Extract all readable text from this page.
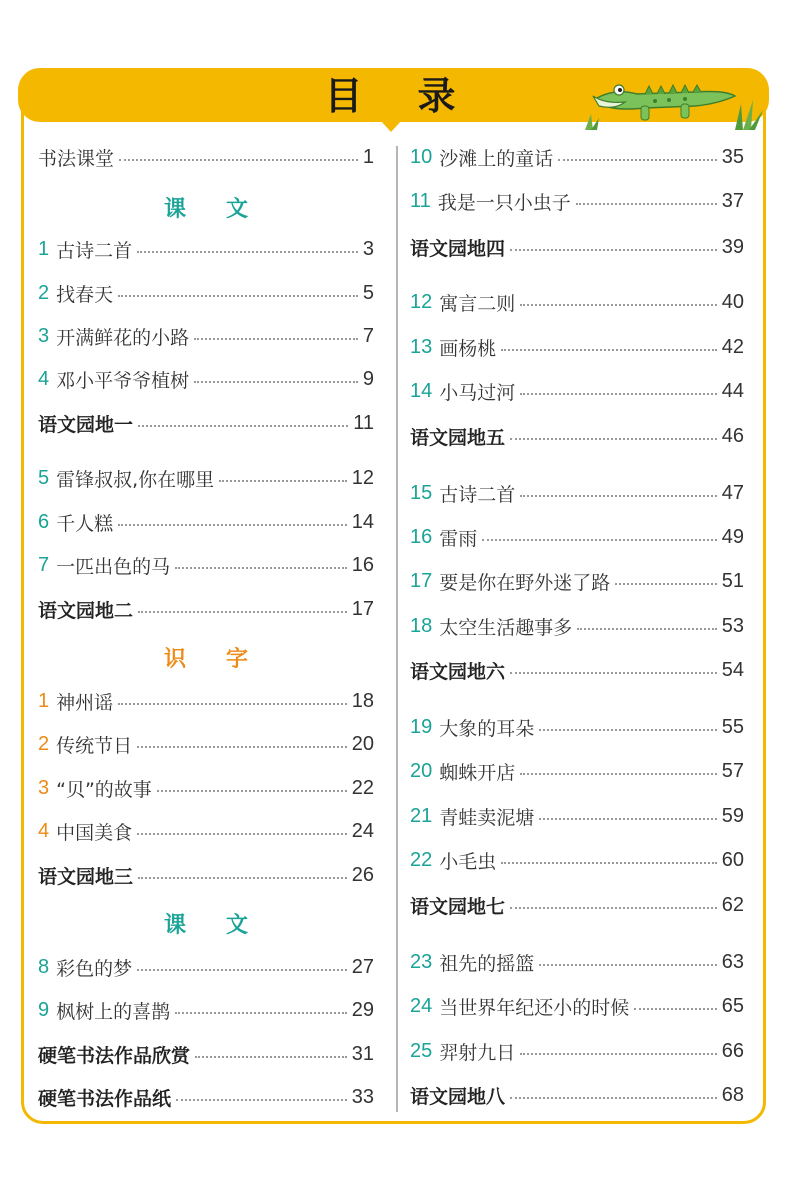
目录
书法课堂	1
课文
1 古诗二首	3
2 找春天	5
3 开满鲜花的小路	7
4 邓小平爷爷植树	9
语文园地一	11
5 雷锋叔叔,你在哪里	12
6 千人糕	14
7 一匹出色的马	16
语文园地二	17
识字
1 神州谣	18
2 传统节日	20
3 “贝”的故事	22
4 中国美食	24
语文园地三	26
课文
8 彩色的梦	27
9 枫树上的喜鹊	29
硬笔书法作品欣赏	31
硬笔书法作品纸	33
10 沙滩上的童话	35
11 我是一只小虫子	37
语文园地四	39
12 寓言二则	40
13 画杨桃	42
14 小马过河	44
语文园地五	46
15 古诗二首	47
16 雷雨	49
17 要是你在野外迷了路	51
18 太空生活趣事多	53
语文园地六	54
19 大象的耳朵	55
20 蜘蛛开店	57
21 青蛙卖泥塘	59
22 小毛虫	60
语文园地七	62
23 祖先的摇篮	63
24 当世界年纪还小的时候	65
25 羿射九日	66
语文园地八	68
